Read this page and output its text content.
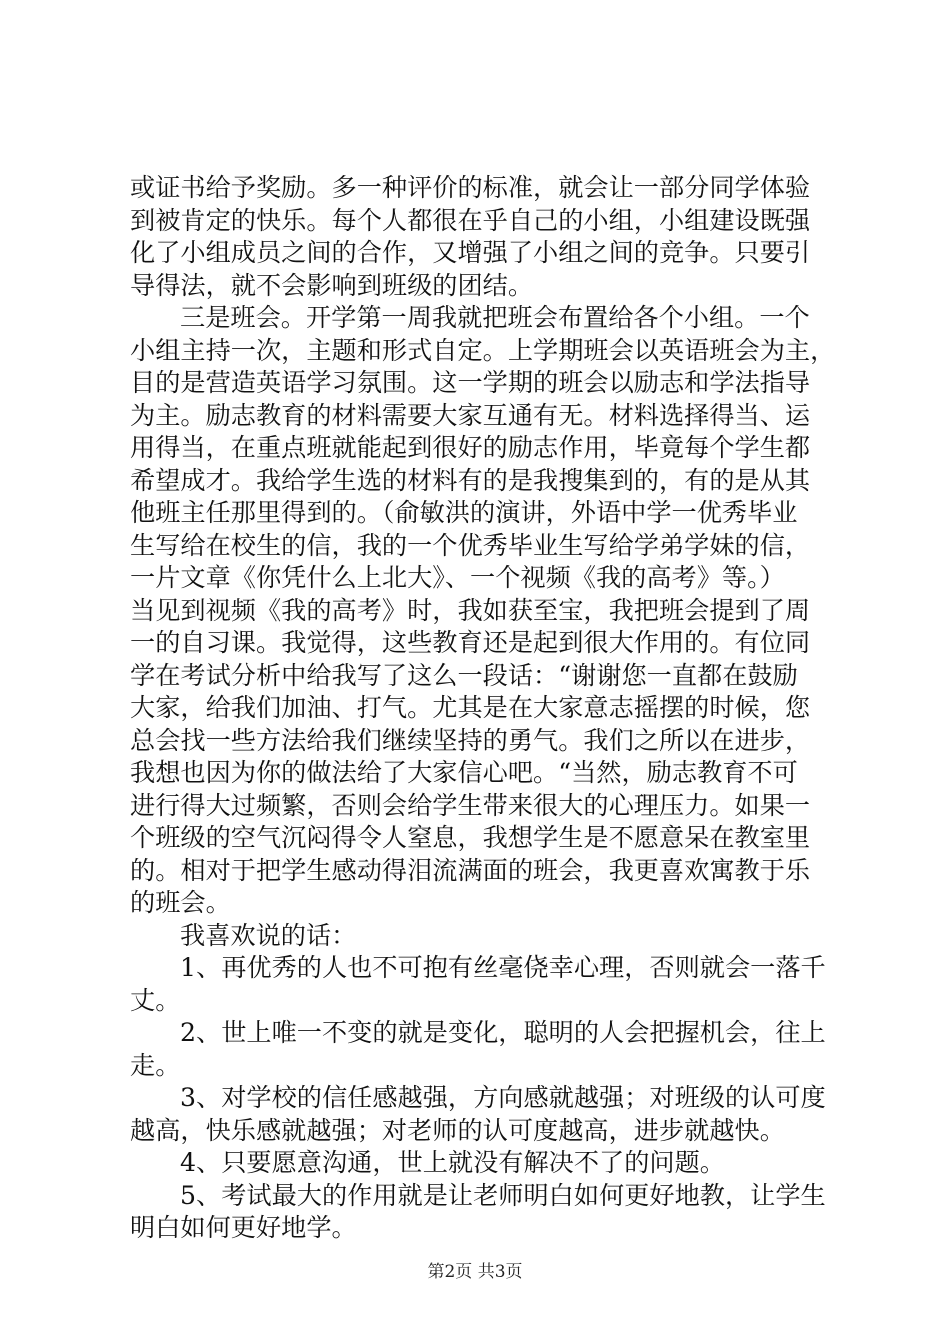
或证书给予奖励。多一种评价的标准，就会让一部分同学体验
到被肯定的快乐。每个人都很在乎自己的小组，小组建设既强
化了小组成员之间的合作，又增强了小组之间的竞争。只要引
导得法，就不会影响到班级的团结。
三是班会。开学第一周我就把班会布置给各个小组。一个
小组主持一次，主题和形式自定。上学期班会以英语班会为主，
目的是营造英语学习氛围。这一学期的班会以励志和学法指导
为主。励志教育的材料需要大家互通有无。材料选择得当、运
用得当，在重点班就能起到很好的励志作用，毕竟每个学生都
希望成才。我给学生选的材料有的是我搜集到的，有的是从其
他班主任那里得到的。（俞敏洪的演讲，外语中学一优秀毕业
生写给在校生的信，我的一个优秀毕业生写给学弟学妹的信，
一片文章《你凭什么上北大》、一个视频《我的高考》等。）
当见到视频《我的高考》时，我如获至宝，我把班会提到了周
一的自习课。我觉得，这些教育还是起到很大作用的。有位同
学在考试分析中给我写了这么一段话：“谢谢您一直都在鼓励
大家，给我们加油、打气。尤其是在大家意志摇摆的时候，您
总会找一些方法给我们继续坚持的勇气。我们之所以在进步，
我想也因为你的做法给了大家信心吧。“当然，励志教育不可
进行得大过频繁，否则会给学生带来很大的心理压力。如果一
个班级的空气沉闷得令人窒息，我想学生是不愿意呆在教室里
的。相对于把学生感动得泪流满面的班会，我更喜欢寓教于乐
的班会。
我喜欢说的话：
1、再优秀的人也不可抱有丝毫侥幸心理，否则就会一落千
丈。
2、世上唯一不变的就是变化，聪明的人会把握机会，往上
走。
3、对学校的信任感越强，方向感就越强；对班级的认可度
越高，快乐感就越强；对老师的认可度越高，进步就越快。
4、只要愿意沟通，世上就没有解决不了的问题。
5、考试最大的作用就是让老师明白如何更好地教，让学生
明白如何更好地学。
第2页 共3页
